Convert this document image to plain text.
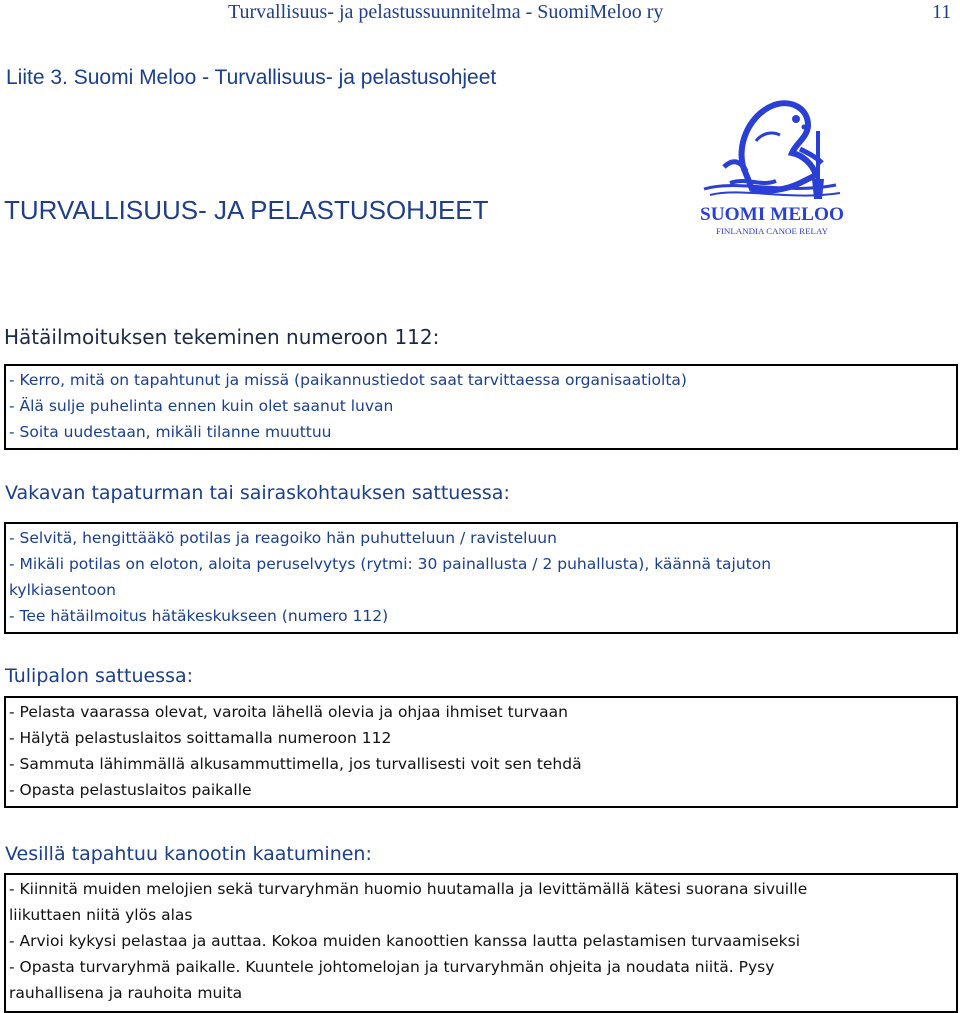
Turvallisuus- ja pelastussuunnitelma - SuomiMeloo ry	11
Liite 3. Suomi Meloo - Turvallisuus- ja pelastusohjeet
TURVALLISUUS- JA PELASTUSOHJEET	SUOMI MELOO
FINLANDIA CANOE RELAY
Hätäilmoituksen tekeminen numeroon 112:
- Kerro, mitä on tapahtunut ja missä (paikannustiedot saat tarvittaessa organisaatiolta)
- Älä sulje puhelinta ennen kuin olet saanut luvan
- Soita uudestaan, mikäli tilanne muuttuu
Vakavan tapaturman tai sairaskohtauksen sattuessa:
- Selvitä, hengittääkö potilas ja reagoiko hän puhutteluun / ravisteluun
- Mikäli potilas on eloton, aloita peruselvytys (rytmi: 30 painallusta / 2 puhallusta), käännä tajuton
kylkiasentoon
- Tee hätäilmoitus hätäkeskukseen (numero 112)
Tulipalon sattuessa:
- Pelasta vaarassa olevat, varoita lähellä olevia ja ohjaa ihmiset turvaan
- Hälytä pelastuslaitos soittamalla numeroon 112
- Sammuta lähimmällä alkusammuttimella, jos turvallisesti voit sen tehdä
- Opasta pelastuslaitos paikalle
Vesillä tapahtuu kanootin kaatuminen:
- Kiinnitä muiden melojien sekä turvaryhmän huomio huutamalla ja levittämällä kätesi suorana sivuille
liikuttaen niitä ylös alas
- Arvioi kykysi pelastaa ja auttaa. Kokoa muiden kanoottien kanssa lautta pelastamisen turvaamiseksi
- Opasta turvaryhmä paikalle. Kuuntele johtomelojan ja turvaryhmän ohjeita ja noudata niitä. Pysy
rauhallisena ja rauhoita muita
